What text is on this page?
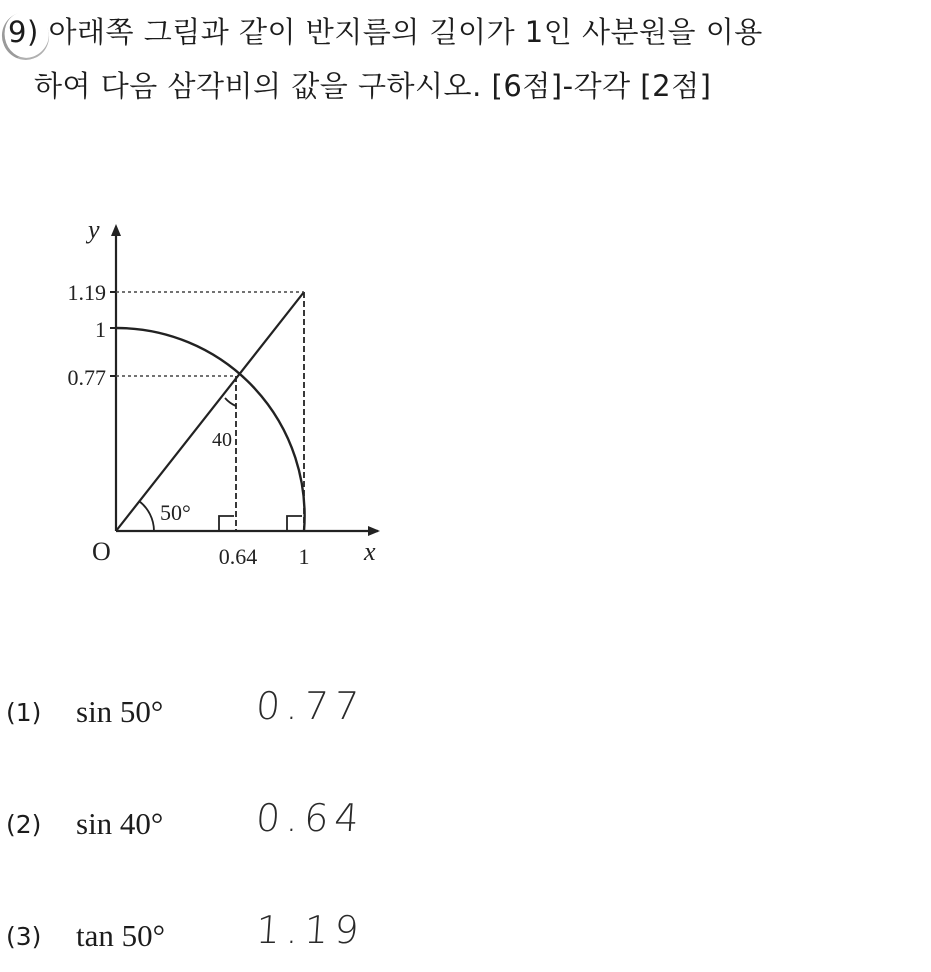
9) 아래쪽 그림과 같이 반지름의 길이가 1인 사분원을 이용
하여 다음 삼각비의 값을 구하시오. [6점]-각각 [2점]
y
x
O
1.19
1
0.77
0.64 1
50°
40
(1) sin 50° 0.77
(2) sin 40° 0.64
(3) tan 50° 1.19
